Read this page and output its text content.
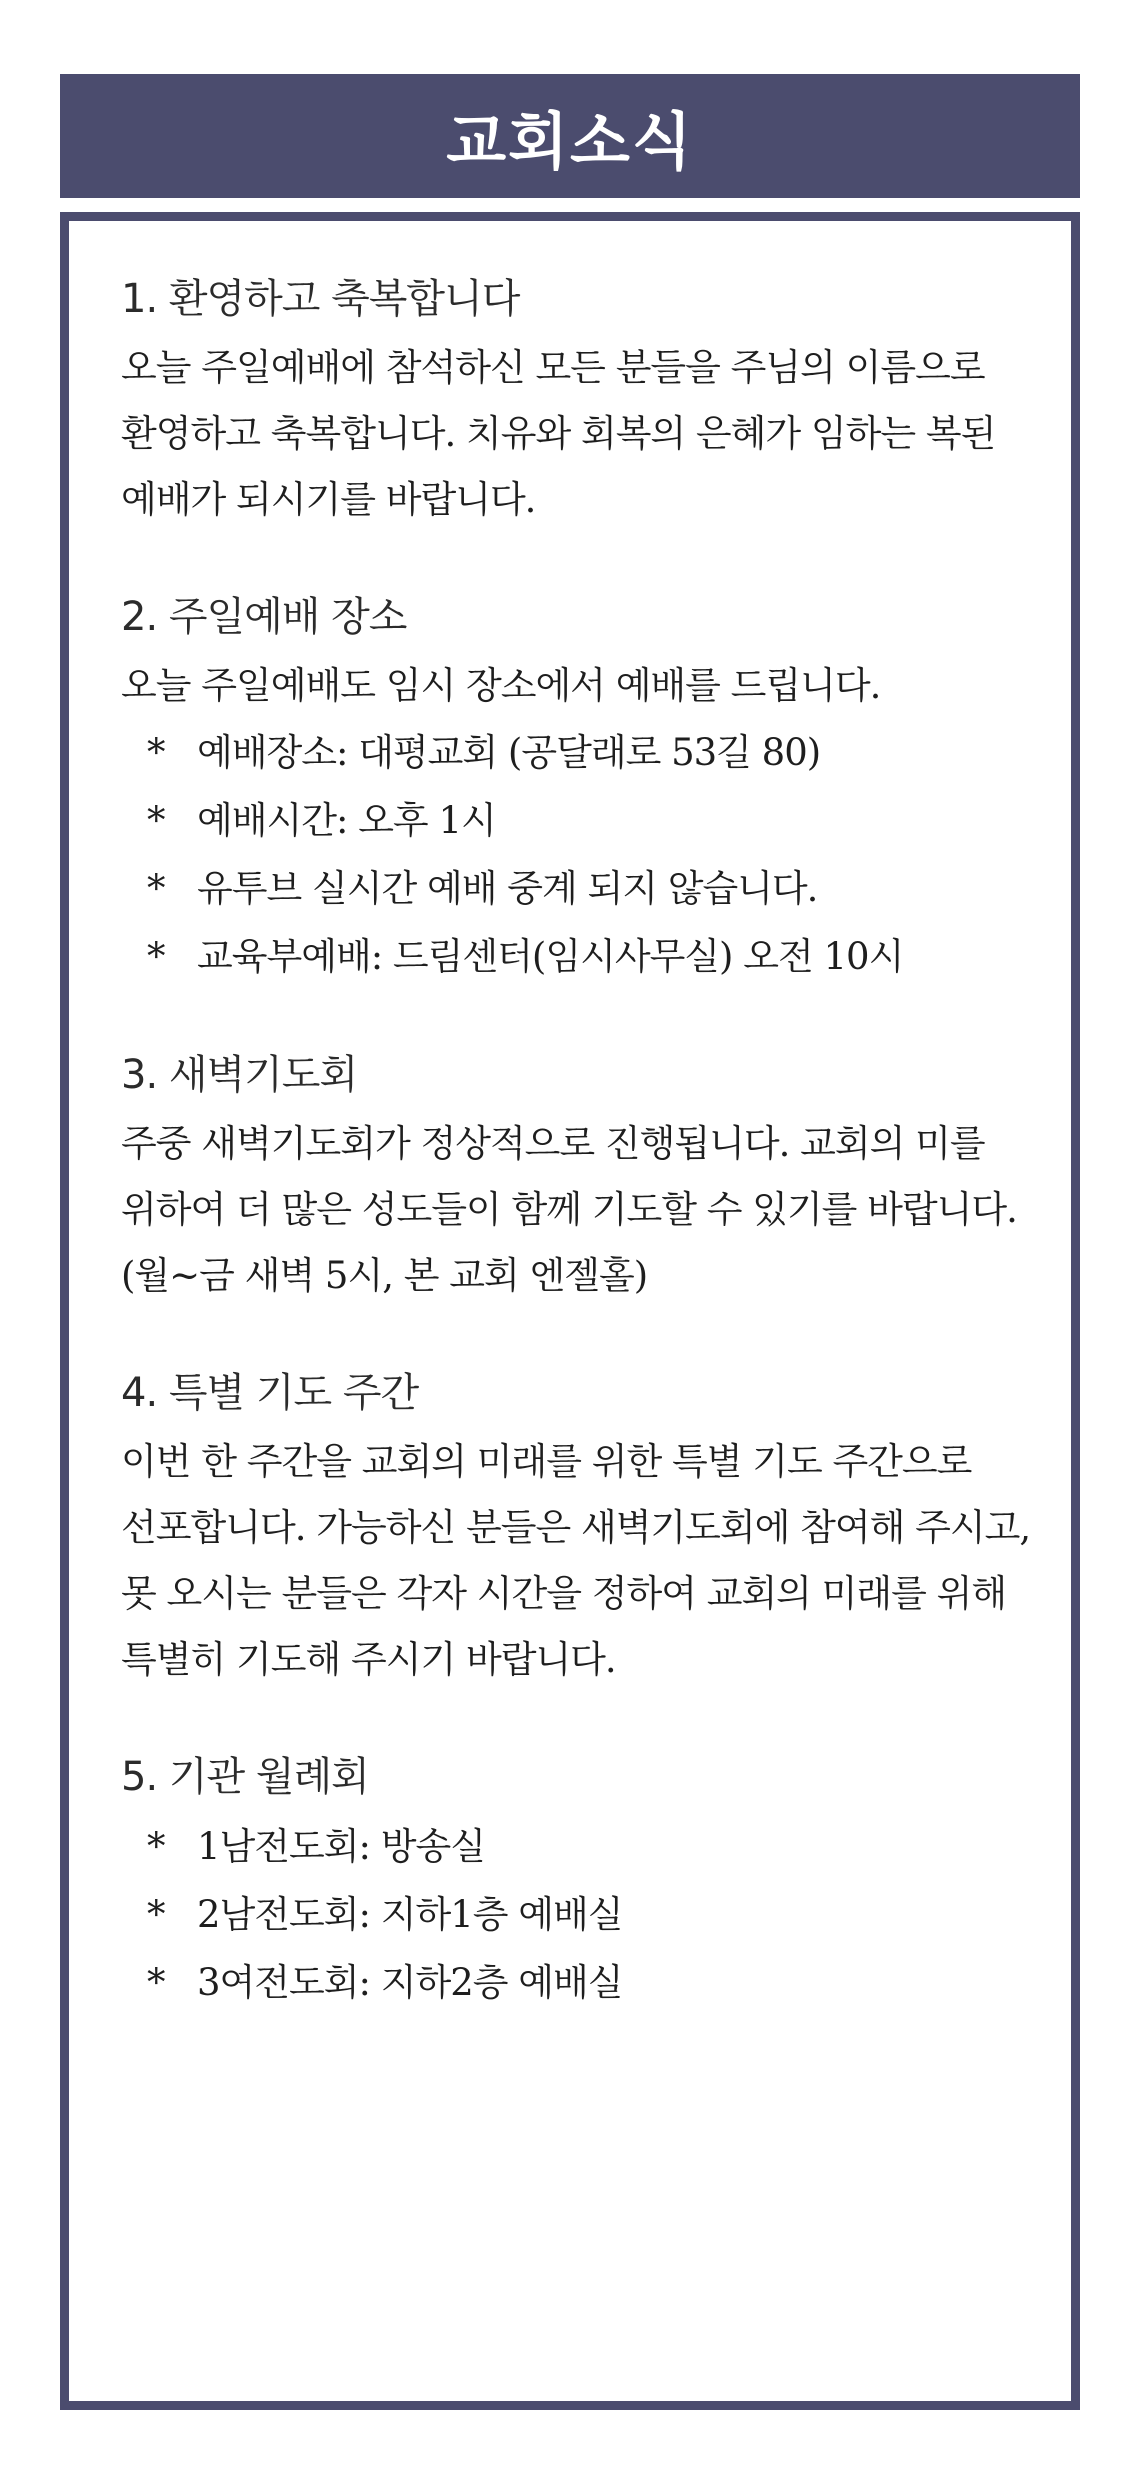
교회소식
1. 환영하고 축복합니다

오늘 주일예배에 참석하신 모든 분들을 주님의 이름으로 환영하고 축복합니다. 치유와 회복의 은혜가 임하는 복된 예배가 되시기를 바랍니다.

2. 주일예배 장소

오늘 주일예배도 임시 장소에서 예배를 드립니다.

* 예배장소: 대평교회 (공달래로 53길 80)
* 예배시간: 오후 1시
* 유투브 실시간 예배 중계 되지 않습니다.
* 교육부예배: 드림센터(임시사무실) 오전 10시
3. 새벽기도회

주중 새벽기도회가 정상적으로 진행됩니다. 교회의 미를 위하여 더 많은 성도들이 함께 기도할 수 있기를 바랍니다. (월~금 새벽 5시, 본 교회 엔젤홀)

4. 특별 기도 주간

이번 한 주간을 교회의 미래를 위한 특별 기도 주간으로 선포합니다. 가능하신 분들은 새벽기도회에 참여해 주시고, 못 오시는 분들은 각자 시간을 정하여 교회의 미래를 위해 특별히 기도해 주시기 바랍니다.

5. 기관 월례회
* 1남전도회: 방송실
* 2남전도회: 지하1층 예배실
* 3여전도회: 지하2층 예배실
